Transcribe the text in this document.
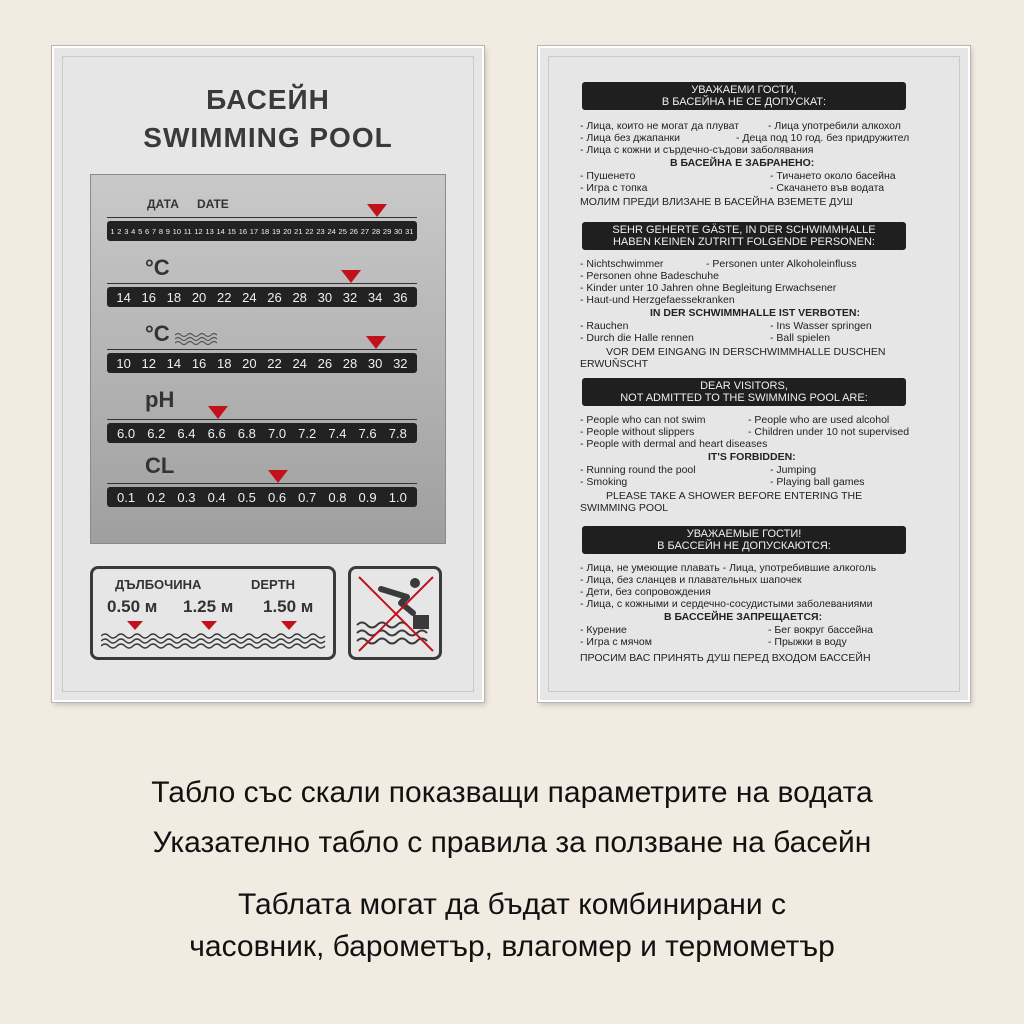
БАСЕЙН
SWIMMING POOL
ДАТА DATE
1 2 3 4 5 6 7 8 9 10 11 12 13 14 15 16 17 18 19 20 21 22 23 24 25 26 27 28 29 30 31
°C
14 16 18 20 22 24 26 28 30 32 34 36
°C
10 12 14 16 18 20 22 24 26 28 30 32
pH
6.0 6.2 6.4 6.6 6.8 7.0 7.2 7.4 7.6 7.8
CL
0.1 0.2 0.3 0.4 0.5 0.6 0.7 0.8 0.9 1.0
ДЪЛБОЧИНА	DEPTH
0.50 м 1.25 м 1.50 м
УВАЖАЕМИ ГОСТИ,
В БАСЕЙНА НЕ СЕ ДОПУСКАТ:
- Лица, които не могат да плуват	- Лица употребили алкохол
- Лица без джапанки	- Деца под 10 год. без придружител
- Лица с кожни и сърдечно-съдови заболявания
В БАСЕЙНА Е ЗАБРАНЕНО:
- Пушенето	- Тичането около басейна
- Игра с топка	- Скачането във водата
МОЛИМ ПРЕДИ ВЛИЗАНЕ В БАСЕЙНА ВЗЕМЕТЕ ДУШ
SEHR GEHERTE GÄSTE, IN DER SCHWIMMHALLE
HABEN KEINEN ZUTRITT FOLGENDE PERSONEN:
- Nichtschwimmer	- Personen unter Alkoholeinfluss
- Personen ohne Badeschuhe
- Kinder unter 10 Jahren ohne Begleitung Erwachsener
- Haut-und Herzgefaessekranken
IN DER SCHWIMMHALLE IST VERBOTEN:
- Rauchen	- Ins Wasser springen
- Durch die Halle rennen	- Ball spielen
VOR DEM EINGANG IN DERSCHWIMMHALLE DUSCHEN
ERWUŇSCHT
DEAR VISITORS,
NOT ADMITTED TO THE SWIMMING POOL ARE:
- People who can not swim	- People who are used alcohol
- People without slippers	- Children under 10 not supervised
- People with dermal and heart diseases
IT'S FORBIDDEN:
- Running round the pool	- Jumping
- Smoking	- Playing ball games
PLEASE TAKE A SHOWER BEFORE ENTERING THE
SWIMMING POOL
УВАЖАЕМЫЕ ГОСТИ!
В БАССЕЙН НЕ ДОПУСКАЮТСЯ:
- Лица, не умеющие плавать - Лица, употребившие алкоголь
- Лица, без сланцев и плавательных шапочек
- Дети, без сопровождения
- Лица, с кожными и сердечно-сосудистыми заболеваниями
В БАССЕЙНЕ ЗАПРЕЩАЕТСЯ:
- Курение	- Бег вокруг бассейна
- Игра с мячом	- Прыжки в воду
ПРОСИМ ВАС ПРИНЯТЬ ДУШ ПЕРЕД ВХОДОМ БАССЕЙН
Табло със скали показващи параметрите на водата
Указателно табло с правила за ползване на басейн
Таблата могат да бъдат комбинирани с
часовник, барометър, влагомер и термометър
